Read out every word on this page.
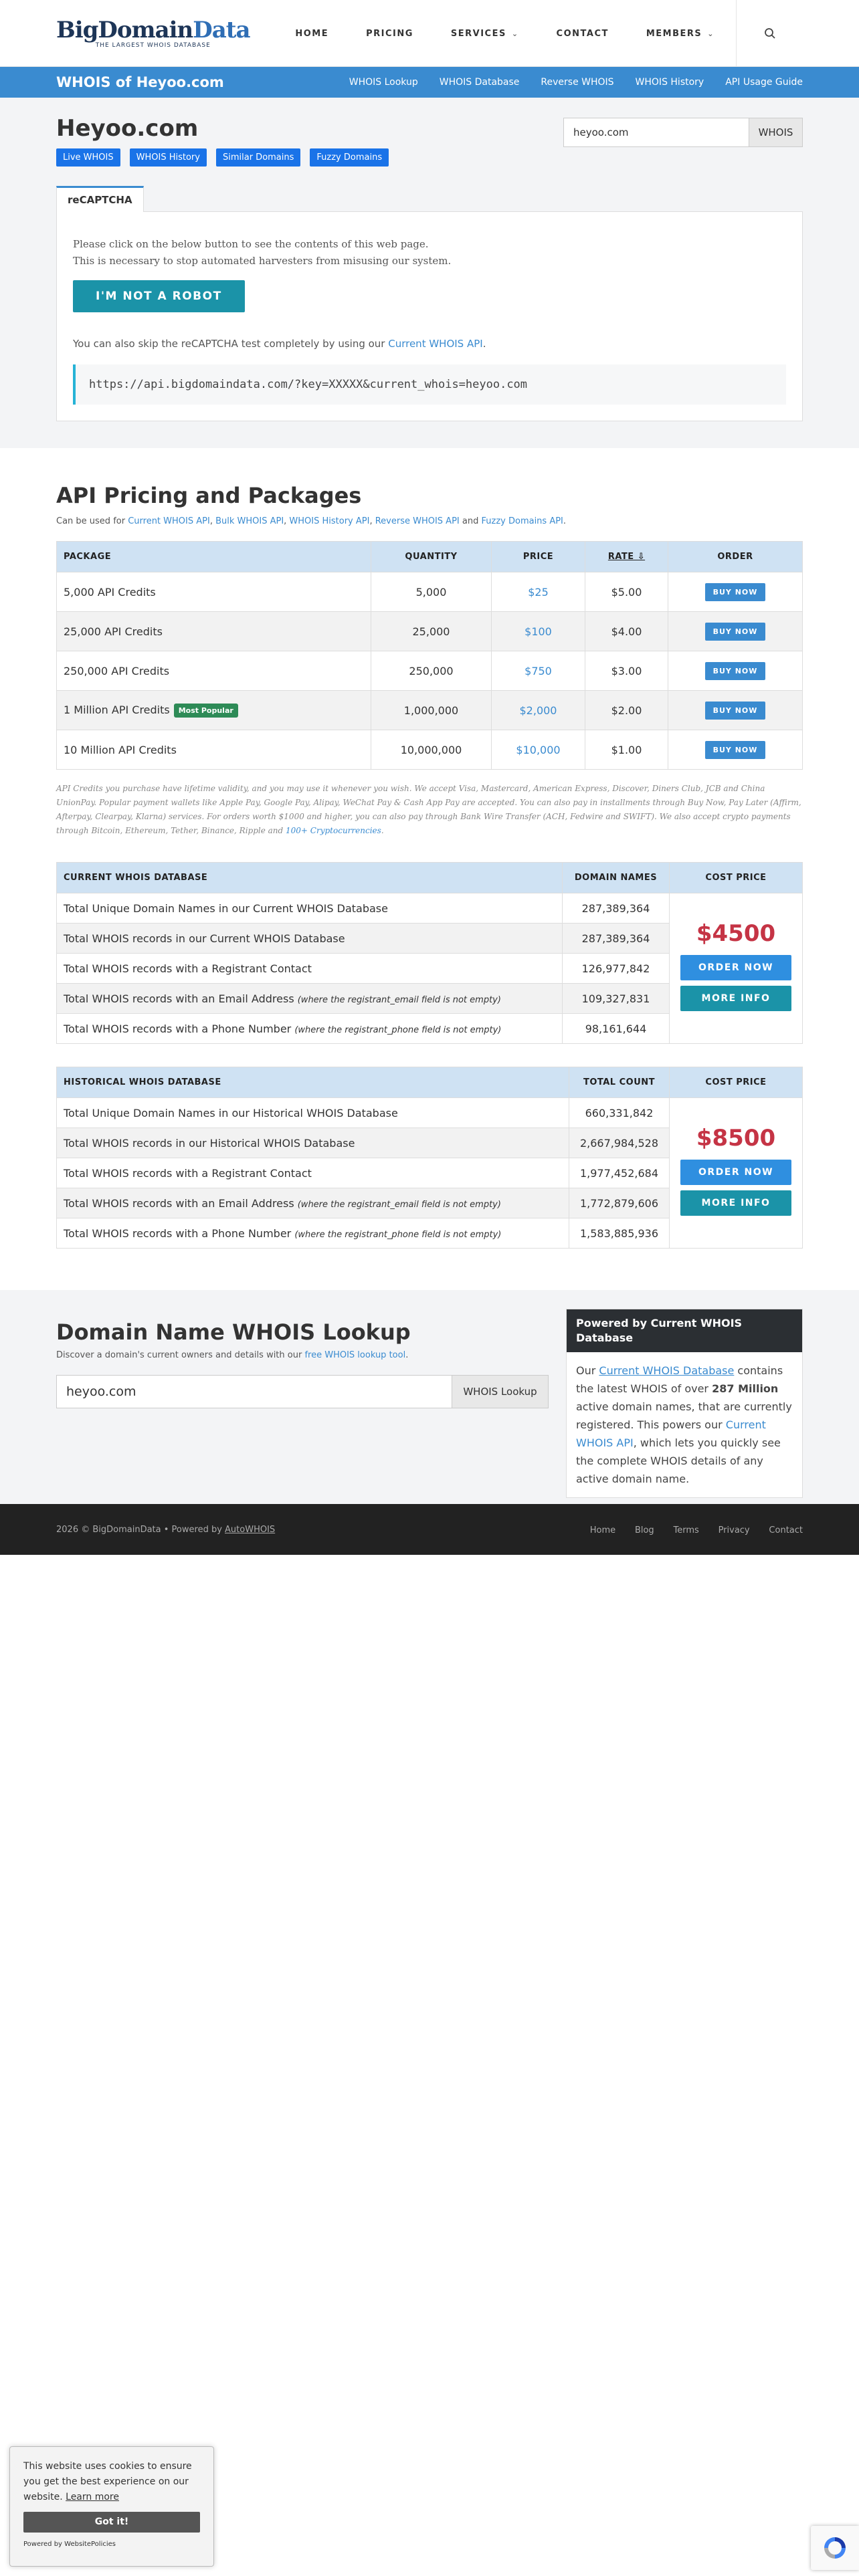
BigDomainData
THE LARGEST WHOIS DATABASE
HOME	PRICING	SERVICES ⌄	CONTACT	MEMBERS ⌄
WHOIS of Heyoo.com	WHOIS Lookup WHOIS Database Reverse WHOIS WHOIS History API Usage Guide
Heyoo.com
Live WHOIS	WHOIS History	Similar Domains	Fuzzy Domains
heyoo.com	WHOIS
reCAPTCHA

Please click on the below button to see the contents of this web page.

This is necessary to stop automated harvesters from misusing our system.

I'M NOT A ROBOT

You can also skip the reCAPTCHA test completely by using our Current WHOIS API.

https://api.bigdomaindata.com/?key=XXXXX&current_whois=heyoo.com
API Pricing and Packages

Can be used for Current WHOIS API, Bulk WHOIS API, WHOIS History API, Reverse WHOIS API and Fuzzy Domains API.

PACKAGE	QUANTITY	PRICE	RATE ⇩	ORDER
5,000 API Credits	5,000	$25	$5.00	BUY NOW
25,000 API Credits	25,000	$100	$4.00	BUY NOW
250,000 API Credits	250,000	$750	$3.00	BUY NOW
1 Million API Credits Most Popular	1,000,000	$2,000	$2.00	BUY NOW
10 Million API Credits	10,000,000	$10,000	$1.00	BUY NOW

API Credits you purchase have lifetime validity, and you may use it whenever you wish. We accept Visa, Mastercard, American Express, Discover, Diners Club, JCB and China UnionPay. Popular payment wallets like Apple Pay, Google Pay, Alipay, WeChat Pay & Cash App Pay are accepted. You can also pay in installments through Buy Now, Pay Later (Affirm, Afterpay, Clearpay, Klarna) services. For orders worth $1000 and higher, you can also pay through Bank Wire Transfer (ACH, Fedwire and SWIFT). We also accept crypto payments through Bitcoin, Ethereum, Tether, Binance, Ripple and 100+ Cryptocurrencies.

CURRENT WHOIS DATABASE	DOMAIN NAMES	COST PRICE
Total Unique Domain Names in our Current WHOIS Database	287,389,364	$4500
ORDER NOW
MORE INFO

Total WHOIS records in our Current WHOIS Database	287,389,364	
Total WHOIS records with a Registrant Contact	126,977,842	
Total WHOIS records with an Email Address (where the registrant_email field is not empty)	109,327,831	
Total WHOIS records with a Phone Number (where the registrant_phone field is not empty)	98,161,644	
HISTORICAL WHOIS DATABASE	TOTAL COUNT	COST PRICE
Total Unique Domain Names in our Historical WHOIS Database	660,331,842	$8500
ORDER NOW
MORE INFO

Total WHOIS records in our Historical WHOIS Database	2,667,984,528	
Total WHOIS records with a Registrant Contact	1,977,452,684	
Total WHOIS records with an Email Address (where the registrant_email field is not empty)	1,772,879,606	
Total WHOIS records with a Phone Number (where the registrant_phone field is not empty)	1,583,885,936	
Domain Name WHOIS Lookup

Discover a domain's current owners and details with our free WHOIS lookup tool.

heyoo.com	WHOIS Lookup
Powered by Current WHOIS Database
Our Current WHOIS Database contains the latest WHOIS of over 287 Million active domain names, that are currently registered. This powers our Current WHOIS API, which lets you quickly see the complete WHOIS details of any active domain name.
2026 © BigDomainData • Powered by AutoWHOIS	Home Blog Terms Privacy Contact
This website uses cookies to ensure you get the best experience on our website. Learn more
Got it!
Powered by WebsitePolicies
